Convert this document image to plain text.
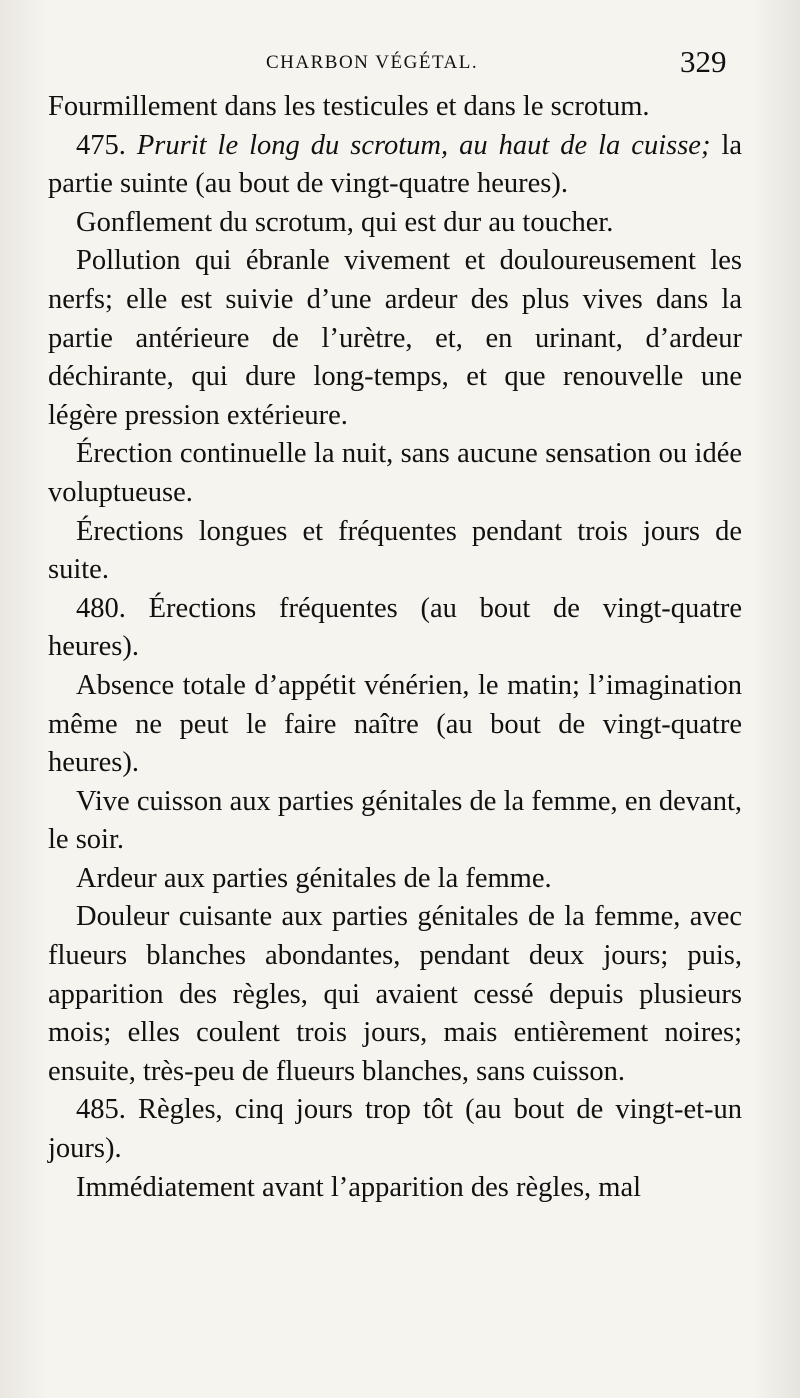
CHARBON VÉGÉTAL.	329

Fourmillement dans les testicules et dans le scrotum.

475. Prurit le long du scrotum, au haut de la cuisse; la partie suinte (au bout de vingt-quatre heures).

Gonflement du scrotum, qui est dur au toucher.

Pollution qui ébranle vivement et douloureusement les nerfs; elle est suivie d’une ardeur des plus vives dans la partie antérieure de l’urètre, et, en urinant, d’ardeur déchirante, qui dure long-temps, et que renouvelle une légère pression extérieure.

Érection continuelle la nuit, sans aucune sensation ou idée voluptueuse.

Érections longues et fréquentes pendant trois jours de suite.

480. Érections fréquentes (au bout de vingt-quatre heures).

Absence totale d’appétit vénérien, le matin; l’imagination même ne peut le faire naître (au bout de vingt-quatre heures).

Vive cuisson aux parties génitales de la femme, en devant, le soir.

Ardeur aux parties génitales de la femme.

Douleur cuisante aux parties génitales de la femme, avec flueurs blanches abondantes, pendant deux jours; puis, apparition des règles, qui avaient cessé depuis plusieurs mois; elles coulent trois jours, mais entièrement noires; ensuite, très-peu de flueurs blanches, sans cuisson.

485. Règles, cinq jours trop tôt (au bout de vingt-et-un jours).

Immédiatement avant l’apparition des règles, mal
